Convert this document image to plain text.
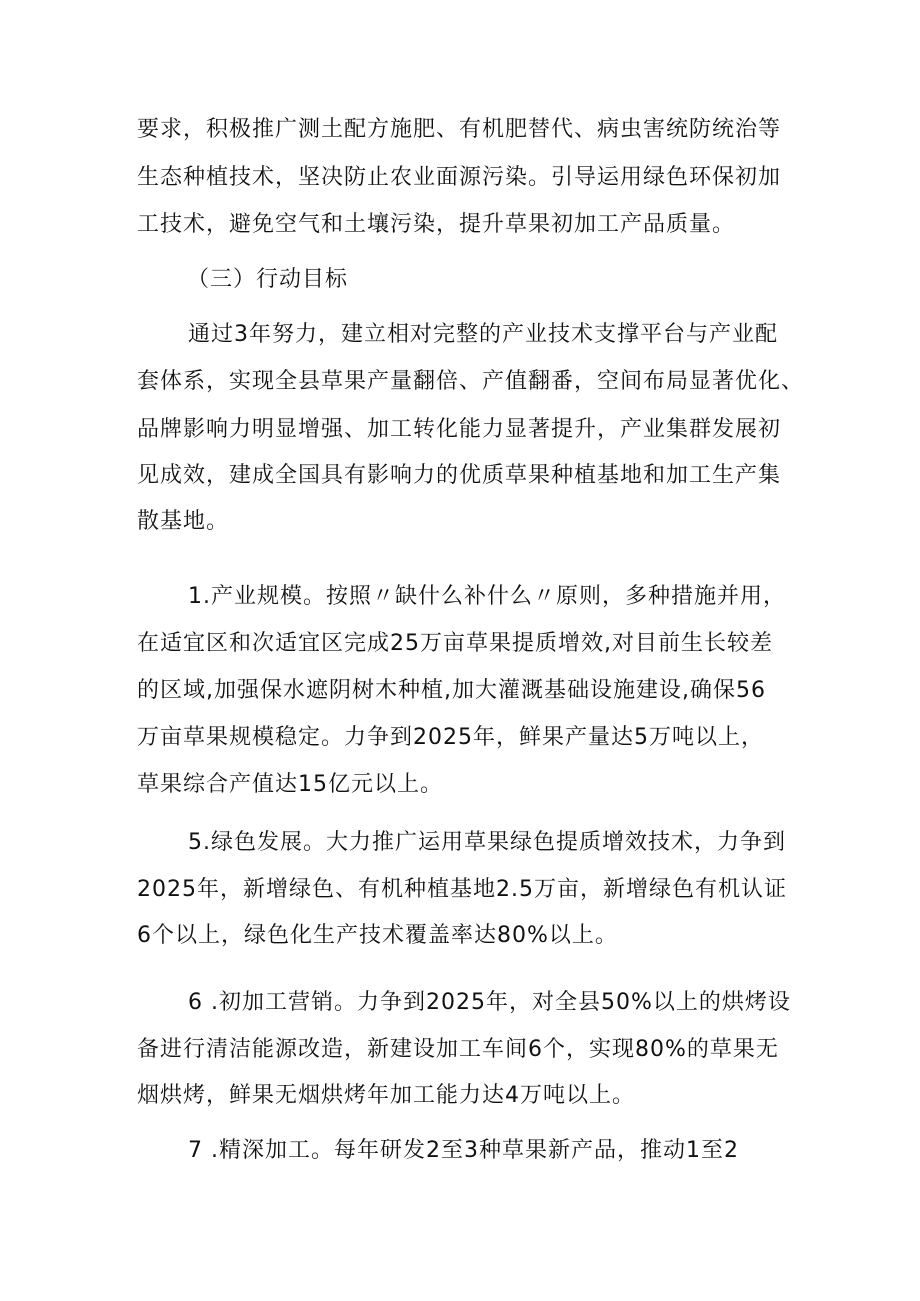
要求，积极推广测土配方施肥、有机肥替代、病虫害统防统治等
生态种植技术，坚决防止农业面源污染。引导运用绿色环保初加
工技术，避免空气和土壤污染，提升草果初加工产品质量。
（三）行动目标
通过3年努力，建立相对完整的产业技术支撑平台与产业配
套体系，实现全县草果产量翻倍、产值翻番，空间布局显著优化、
品牌影响力明显增强、加工转化能力显著提升，产业集群发展初
见成效，建成全国具有影响力的优质草果种植基地和加工生产集
散基地。
1.产业规模。按照〃缺什么补什么〃原则，多种措施并用，
在适宜区和次适宜区完成25万亩草果提质增效,对目前生长较差
的区域,加强保水遮阴树木种植,加大灌溉基础设施建设,确保56
万亩草果规模稳定。力争到2025年，鲜果产量达5万吨以上，
草果综合产值达15亿元以上。
5.绿色发展。大力推广运用草果绿色提质增效技术，力争到
2025年，新增绿色、有机种植基地2.5万亩，新增绿色有机认证
6个以上，绿色化生产技术覆盖率达80%以上。
6 .初加工营销。力争到2025年，对全县50%以上的烘烤设
备进行清洁能源改造，新建设加工车间6个，实现80%的草果无
烟烘烤，鲜果无烟烘烤年加工能力达4万吨以上。
7 .精深加工。每年研发2至3种草果新产品，推动1至2
